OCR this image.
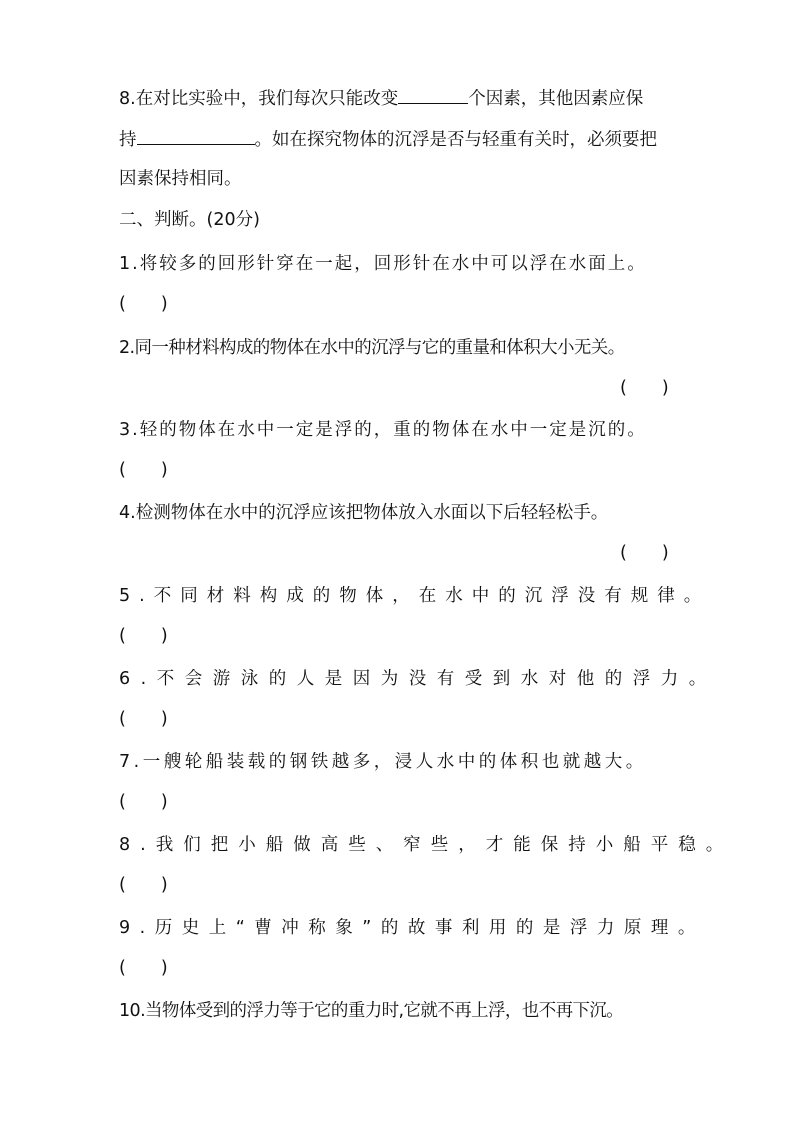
8.在对比实验中，我们每次只能改变	个因素，其他因素应保
持	。如在探究物体的沉浮是否与轻重有关时，必须要把
因素保持相同。
二、判断。(20分)
1.将较多的回形针穿在一起，回形针在水中可以浮在水面上。
(　　)
2.同一种材料构成的物体在水中的沉浮与它的重量和体积大小无关。
(　　)
3.轻的物体在水中一定是浮的，重的物体在水中一定是沉的。
(　　)
4.检测物体在水中的沉浮应该把物体放入水面以下后轻轻松手。
(　　)
5.不同材料构成的物体，在水中的沉浮没有规律。
(　　)
6.不会游泳的人是因为没有受到水对他的浮力。
(　　)
7.一艘轮船装载的钢铁越多，浸人水中的体积也就越大。
(　　)
8.我们把小船做高些、窄些，才能保持小船平稳。
(　　)
9.历史上“曹冲称象”的故事利用的是浮力原理。
(　　)
10.当物体受到的浮力等于它的重力时,它就不再上浮，也不再下沉。
